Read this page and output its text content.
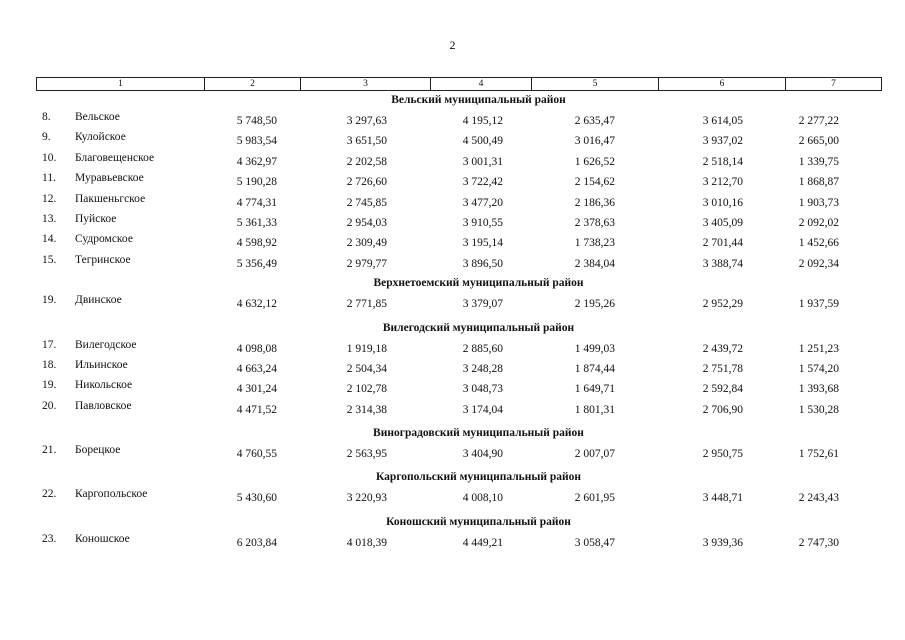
2
1	2	3	4	5	6	7
Вельский муниципальный район
8. Вельское	5 748,50	3 297,63	4 195,12	2 635,47	3 614,05	2 277,22
9. Кулойское	5 983,54	3 651,50	4 500,49	3 016,47	3 937,02	2 665,00
10. Благовещенское	4 362,97	2 202,58	3 001,31	1 626,52	2 518,14	1 339,75
11. Муравьевское	5 190,28	2 726,60	3 722,42	2 154,62	3 212,70	1 868,87
12. Пакшеньгское	4 774,31	2 745,85	3 477,20	2 186,36	3 010,16	1 903,73
13. Пуйское	5 361,33	2 954,03	3 910,55	2 378,63	3 405,09	2 092,02
14. Судромское	4 598,92	2 309,49	3 195,14	1 738,23	2 701,44	1 452,66
15. Тегринское	5 356,49	2 979,77	3 896,50	2 384,04	3 388,74	2 092,34
Верхнетоемский муниципальный район
19. Двинское	4 632,12	2 771,85	3 379,07	2 195,26	2 952,29	1 937,59
Вилегодский муниципальный район
17. Вилегодское	4 098,08	1 919,18	2 885,60	1 499,03	2 439,72	1 251,23
18. Ильинское	4 663,24	2 504,34	3 248,28	1 874,44	2 751,78	1 574,20
19. Никольское	4 301,24	2 102,78	3 048,73	1 649,71	2 592,84	1 393,68
20. Павловское	4 471,52	2 314,38	3 174,04	1 801,31	2 706,90	1 530,28
Виноградовский муниципальный район
21. Борецкое	4 760,55	2 563,95	3 404,90	2 007,07	2 950,75	1 752,61
Каргопольский муниципальный район
22. Каргопольское	5 430,60	3 220,93	4 008,10	2 601,95	3 448,71	2 243,43
Коношский муниципальный район
23. Коношское	6 203,84	4 018,39	4 449,21	3 058,47	3 939,36	2 747,30
